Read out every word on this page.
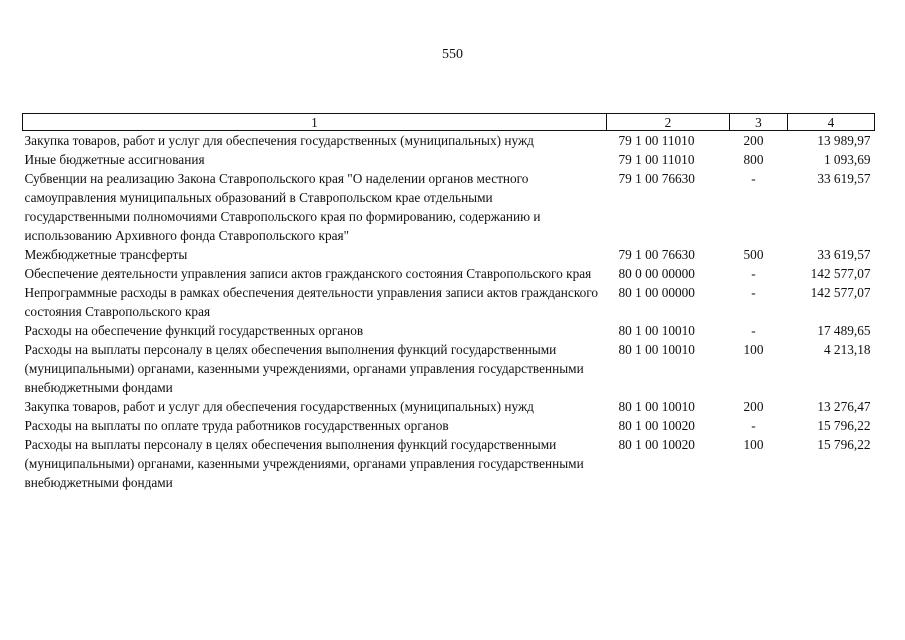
550
1	2	3	4
Закупка товаров, работ и услуг для обеспечения государственных (муниципальных) нужд	79 1 00 11010	200	13 989,97
Иные бюджетные ассигнования	79 1 00 11010	800	1 093,69
Субвенции на реализацию Закона Ставропольского края "О наделении органов местного самоуправления муниципальных образований в Ставропольском крае отдельными государственными полномочиями Ставропольского края по формированию, содержанию и использованию Архивного фонда Ставропольского края"	79 1 00 76630	-	33 619,57
Межбюджетные трансферты	79 1 00 76630	500	33 619,57
Обеспечение деятельности управления записи актов гражданского состояния Ставропольского края	80 0 00 00000	-	142 577,07
Непрограммные расходы в рамках обеспечения деятельности управления записи актов гражданского состояния Ставропольского края	80 1 00 00000	-	142 577,07
Расходы на обеспечение функций государственных органов	80 1 00 10010	-	17 489,65
Расходы на выплаты персоналу в целях обеспечения выполнения функций государственными (муниципальными) органами, казенными учреждениями, органами управления государственными внебюджетными фондами	80 1 00 10010	100	4 213,18
Закупка товаров, работ и услуг для обеспечения государственных (муниципальных) нужд	80 1 00 10010	200	13 276,47
Расходы на выплаты по оплате труда работников государственных органов	80 1 00 10020	-	15 796,22
Расходы на выплаты персоналу в целях обеспечения выполнения функций государственными (муниципальными) органами, казенными учреждениями, органами управления государственными внебюджетными фондами	80 1 00 10020	100	15 796,22
